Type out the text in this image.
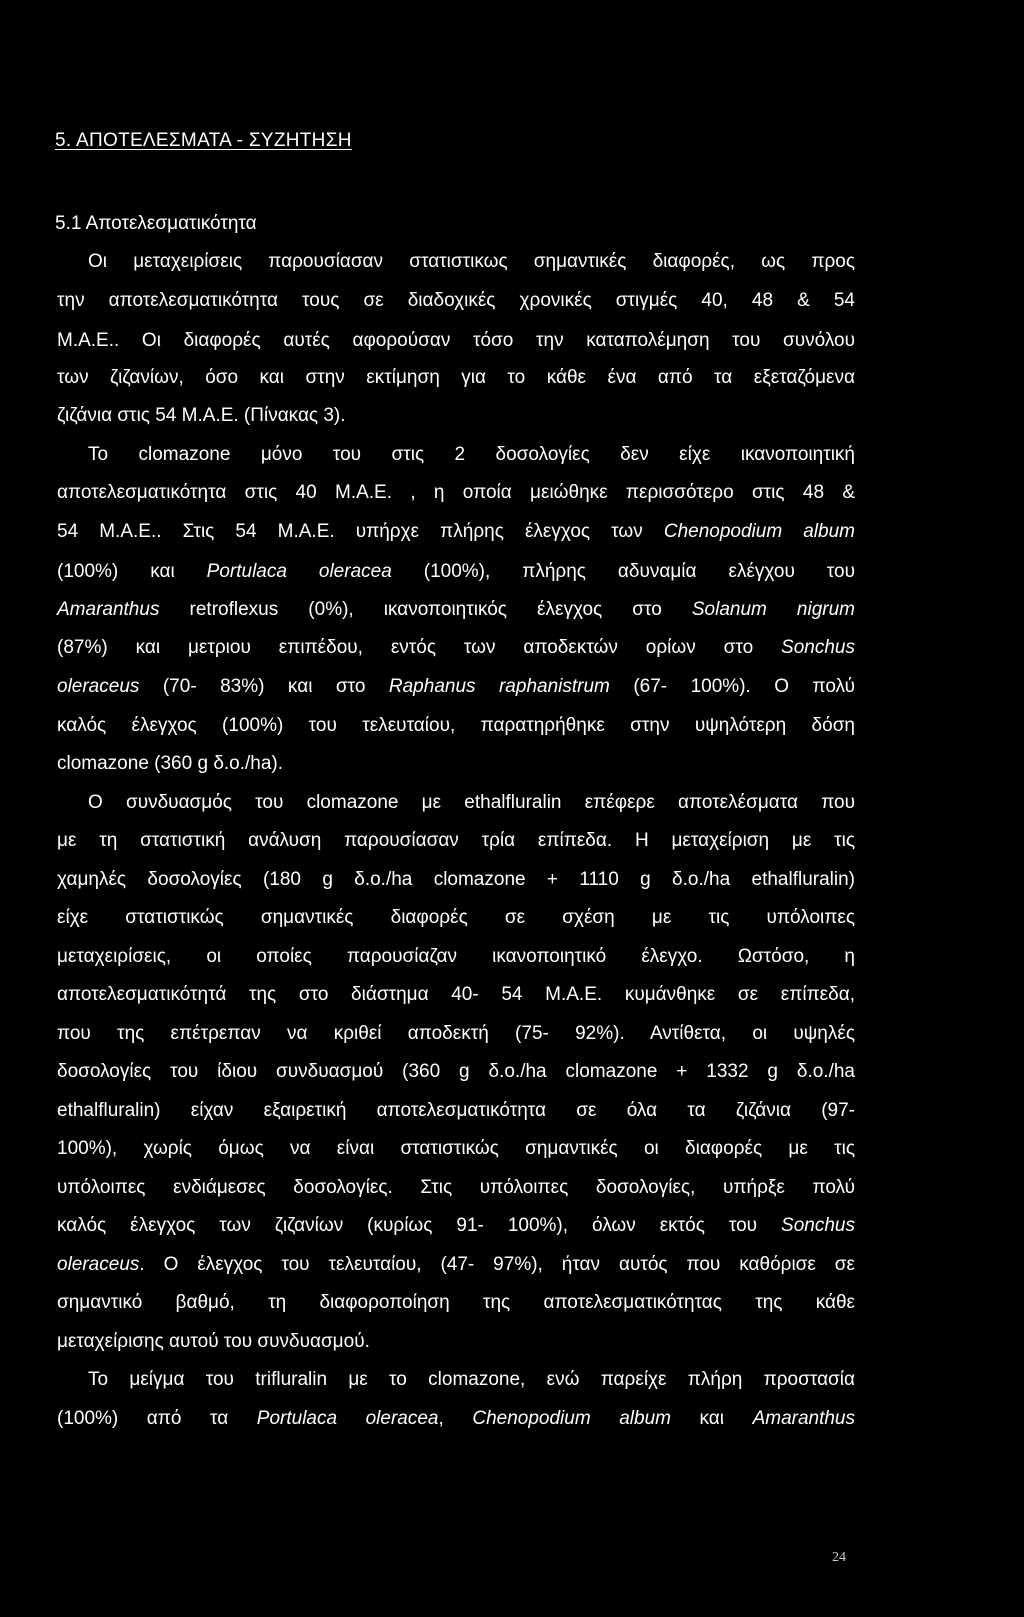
5. ΑΠΟΤΕΛΕΣΜΑΤΑ - ΣΥΖΗΤΗΣΗ
5.1 Αποτελεσματικότητα
Οι μεταχειρίσεις παρουσίασαν στατιστικως σημαντικές διαφορές, ως προς
την αποτελεσματικότητα τους σε διαδοχικές χρονικές στιγμές 40, 48 & 54
Μ.Α.Ε.. Οι διαφορές αυτές αφορούσαν τόσο την καταπολέμηση του συνόλου
των ζιζανίων, όσο και στην εκτίμηση για το κάθε ένα από τα εξεταζόμενα
ζιζάνια στις 54 Μ.Α.Ε. (Πίνακας 3).
Το clomazone μόνο του στις 2 δοσολογίες δεν είχε ικανοποιητική
αποτελεσματικότητα στις 40 Μ.Α.Ε. , η οποία μειώθηκε περισσότερο στις 48 &
54 Μ.Α.Ε.. Στις 54 Μ.Α.Ε. υπήρχε πλήρης έλεγχος των Chenopodium album
(100%) και Portulaca oleracea (100%), πλήρης αδυναμία ελέγχου του
Amaranthus retroflexus (0%), ικανοποιητικός έλεγχος στο Solanum nigrum
(87%) και μετριου επιπέδου, εντός των αποδεκτών ορίων στο Sonchus
oleraceus (70- 83%) και στο Raphanus raphanistrum (67- 100%). Ο πολύ
καλός έλεγχος (100%) του τελευταίου, παρατηρήθηκε στην υψηλότερη δόση
clomazone (360 g δ.ο./ha).
Ο συνδυασμός του clomazone με ethalfluralin επέφερε αποτελέσματα που
με τη στατιστική ανάλυση παρουσίασαν τρία επίπεδα. Η μεταχείριση με τις
χαμηλές δοσολογίες (180 g δ.ο./ha clomazone + 1110 g δ.ο./ha ethalfluralin)
είχε στατιστικώς σημαντικές διαφορές σε σχέση με τις υπόλοιπες
μεταχειρίσεις, οι οποίες παρουσίαζαν ικανοποιητικό έλεγχο. Ωστόσο, η
αποτελεσματικότητά της στο διάστημα 40- 54 Μ.Α.Ε. κυμάνθηκε σε επίπεδα,
που της επέτρεπαν να κριθεί αποδεκτή (75- 92%). Αντίθετα, οι υψηλές
δοσολογίες του ίδιου συνδυασμού (360 g δ.ο./ha clomazone + 1332 g δ.ο./ha
ethalfluralin) είχαν εξαιρετική αποτελεσματικότητα σε όλα τα ζιζάνια (97-
100%), χωρίς όμως να είναι στατιστικώς σημαντικές οι διαφορές με τις
υπόλοιπες ενδιάμεσες δοσολογίες. Στις υπόλοιπες δοσολογίες, υπήρξε πολύ
καλός έλεγχος των ζιζανίων (κυρίως 91- 100%), όλων εκτός του Sonchus
oleraceus. Ο έλεγχος του τελευταίου, (47- 97%), ήταν αυτός που καθόρισε σε
σημαντικό βαθμό, τη διαφοροποίηση της αποτελεσματικότητας της κάθε
μεταχείρισης αυτού του συνδυασμού.
Το μείγμα του trifluralin με το clomazone, ενώ παρείχε πλήρη προστασία
(100%) από τα Portulaca oleracea, Chenopodium album και Amaranthus
24
